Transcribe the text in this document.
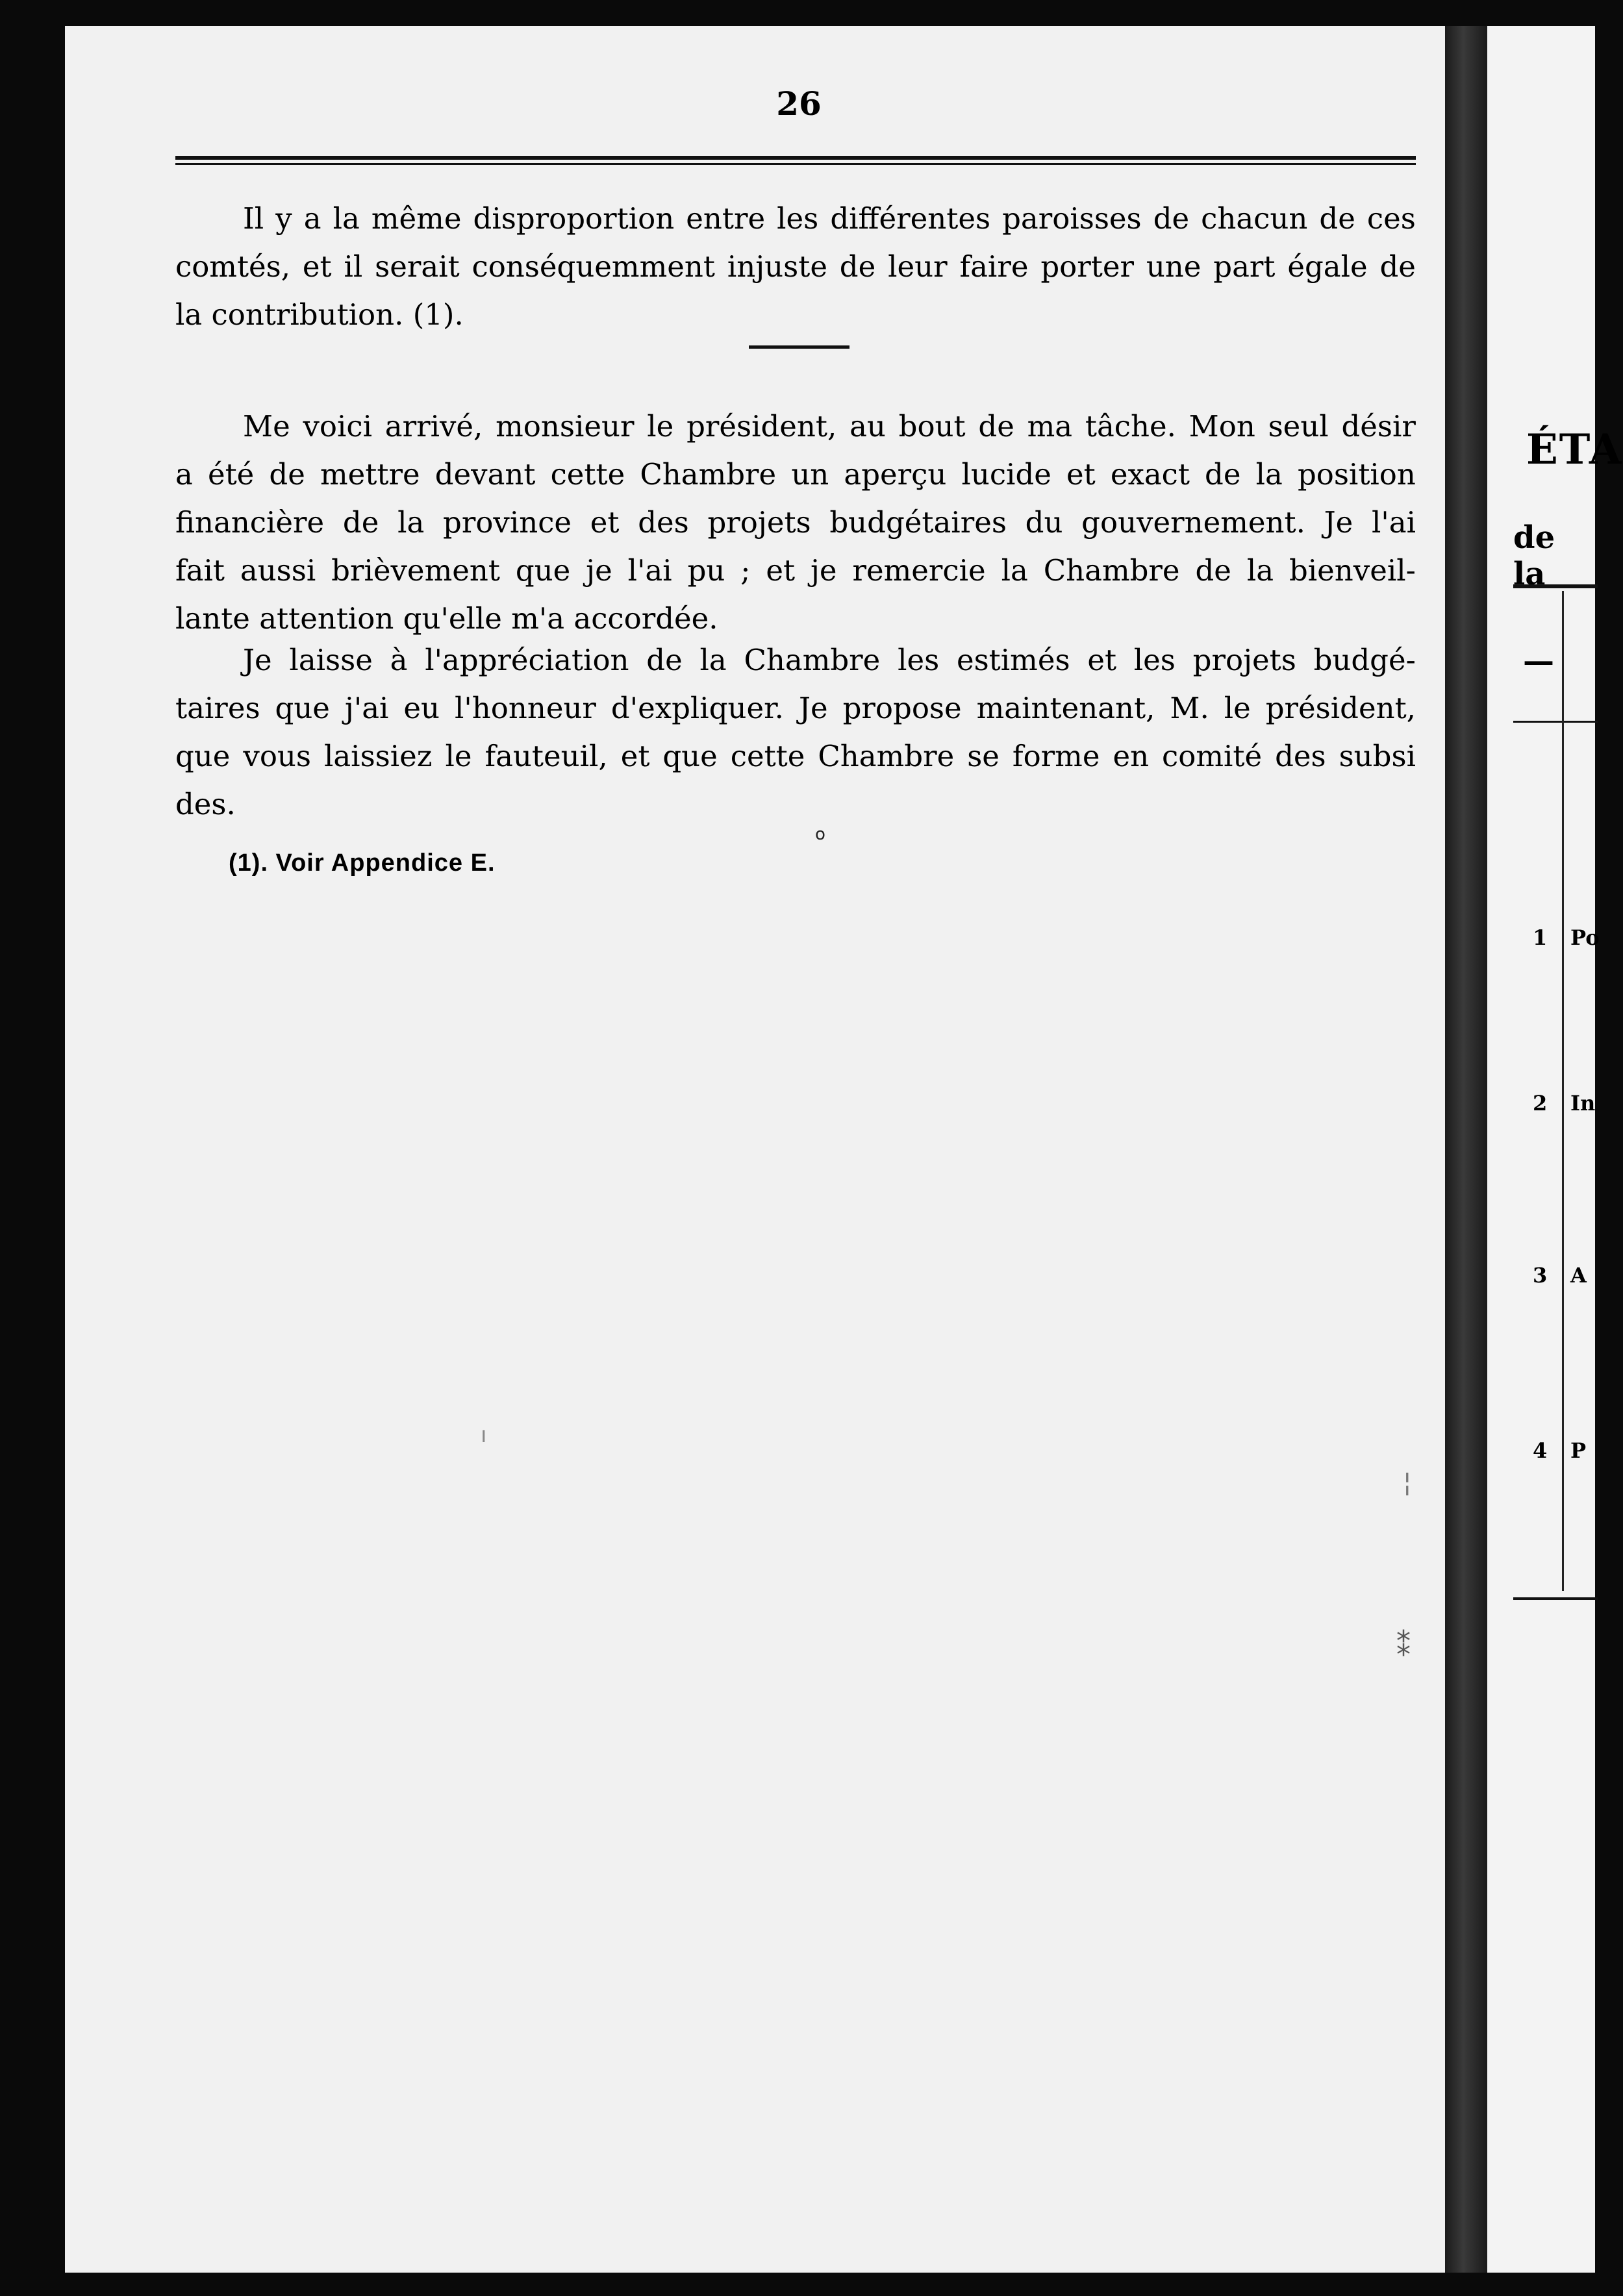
26
Il y a la même disproportion entre les différentes paroisses de chacun de ces
comtés, et il serait conséquemment injuste de leur faire porter une part égale de
la contribution. (1).
Me voici arrivé, monsieur le président, au bout de ma tâche. Mon seul désir
a été de mettre devant cette Chambre un aperçu lucide et exact de la position
financière de la province et des projets budgétaires du gouvernement. Je l'ai
fait aussi brièvement que je l'ai pu ; et je remercie la Chambre de la bienveil-
lante attention qu'elle m'a accordée.
Je laisse à l'appréciation de la Chambre les estimés et les projets budgé-
taires que j'ai eu l'honneur d'expliquer. Je propose maintenant, M. le président,
que vous laissiez le fauteuil, et que cette Chambre se forme en comité des subsi
des.
(1). Voir Appendice E.
o
ı
¦
⁑
ÉTA
de la
—
1 Po
2 In
3 A
4 P
